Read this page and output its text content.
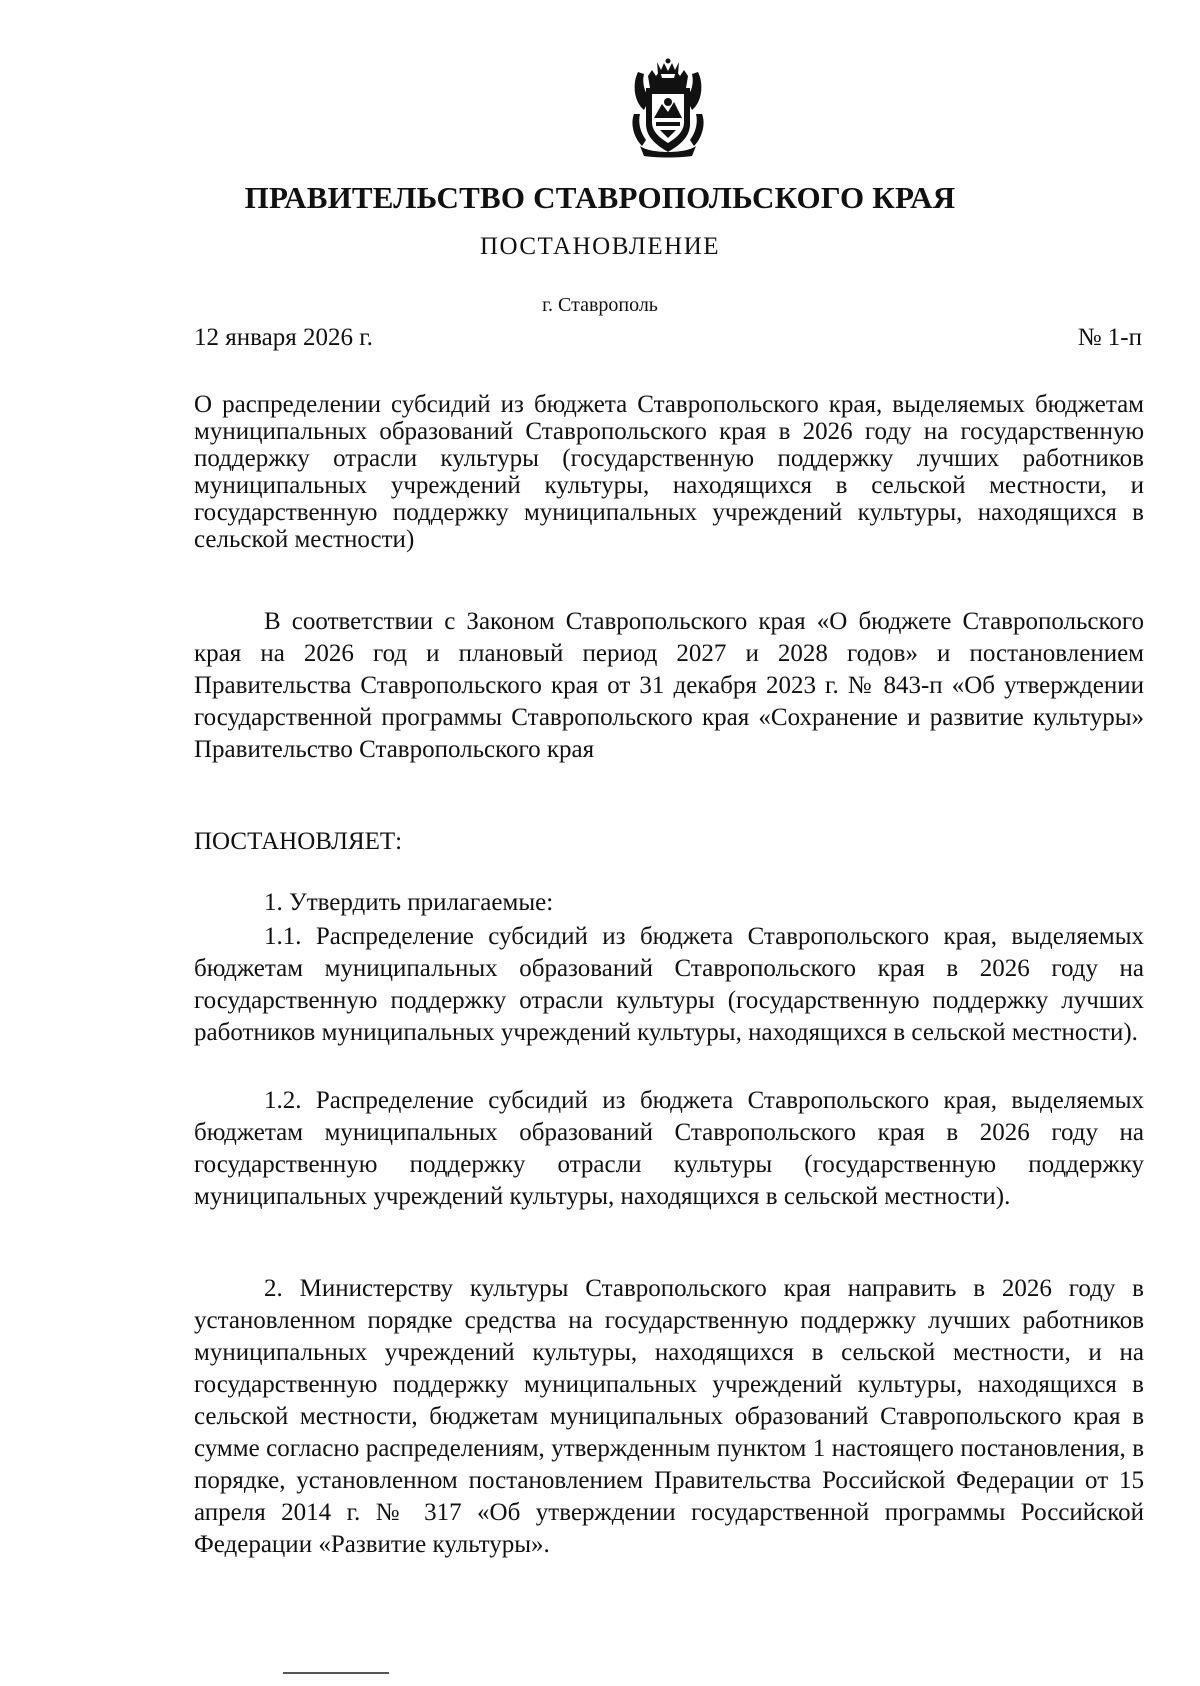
ПРАВИТЕЛЬСТВО СТАВРОПОЛЬСКОГО КРАЯ
ПОСТАНОВЛЕНИЕ
г. Ставрополь
12 января 2026 г.	№ 1-п
О распределении субсидий из бюджета Ставропольского края, выделяемых бюджетам муниципальных образований Ставропольского края в 2026 году на государственную поддержку отрасли культуры (государственную поддержку лучших работников муниципальных учреждений культуры, находящихся в сельской местности, и государственную поддержку муниципальных учреждений культуры, находящихся в сельской местности)

В соответствии с Законом Ставропольского края «О бюджете Ставропольского края на 2026 год и плановый период 2027 и 2028 годов» и постановлением Правительства Ставропольского края от 31 декабря 2023 г. № 843-п «Об утверждении государственной программы Ставропольского края «Сохранение и развитие культуры» Правительство Ставропольского края

ПОСТАНОВЛЯЕТ:

1. Утвердить прилагаемые:

1.1. Распределение субсидий из бюджета Ставропольского края, выделяемых бюджетам муниципальных образований Ставропольского края в 2026 году на государственную поддержку отрасли культуры (государственную поддержку лучших работников муниципальных учреждений культуры, находящихся в сельской местности).

1.2. Распределение субсидий из бюджета Ставропольского края, выделяемых бюджетам муниципальных образований Ставропольского края в 2026 году на государственную поддержку отрасли культуры (государственную поддержку муниципальных учреждений культуры, находящихся в сельской местности).

2. Министерству культуры Ставропольского края направить в 2026 году в установленном порядке средства на государственную поддержку лучших работников муниципальных учреждений культуры, находящихся в сельской местности, и на государственную поддержку муниципальных учреждений культуры, находящихся в сельской местности, бюджетам муниципальных образований Ставропольского края в сумме согласно распределениям, утвержденным пунктом 1 настоящего постановления, в порядке, установленном постановлением Правительства Российской Федерации от 15 апреля 2014 г. № 317 «Об утверждении государственной программы Российской Федерации «Развитие культуры».
